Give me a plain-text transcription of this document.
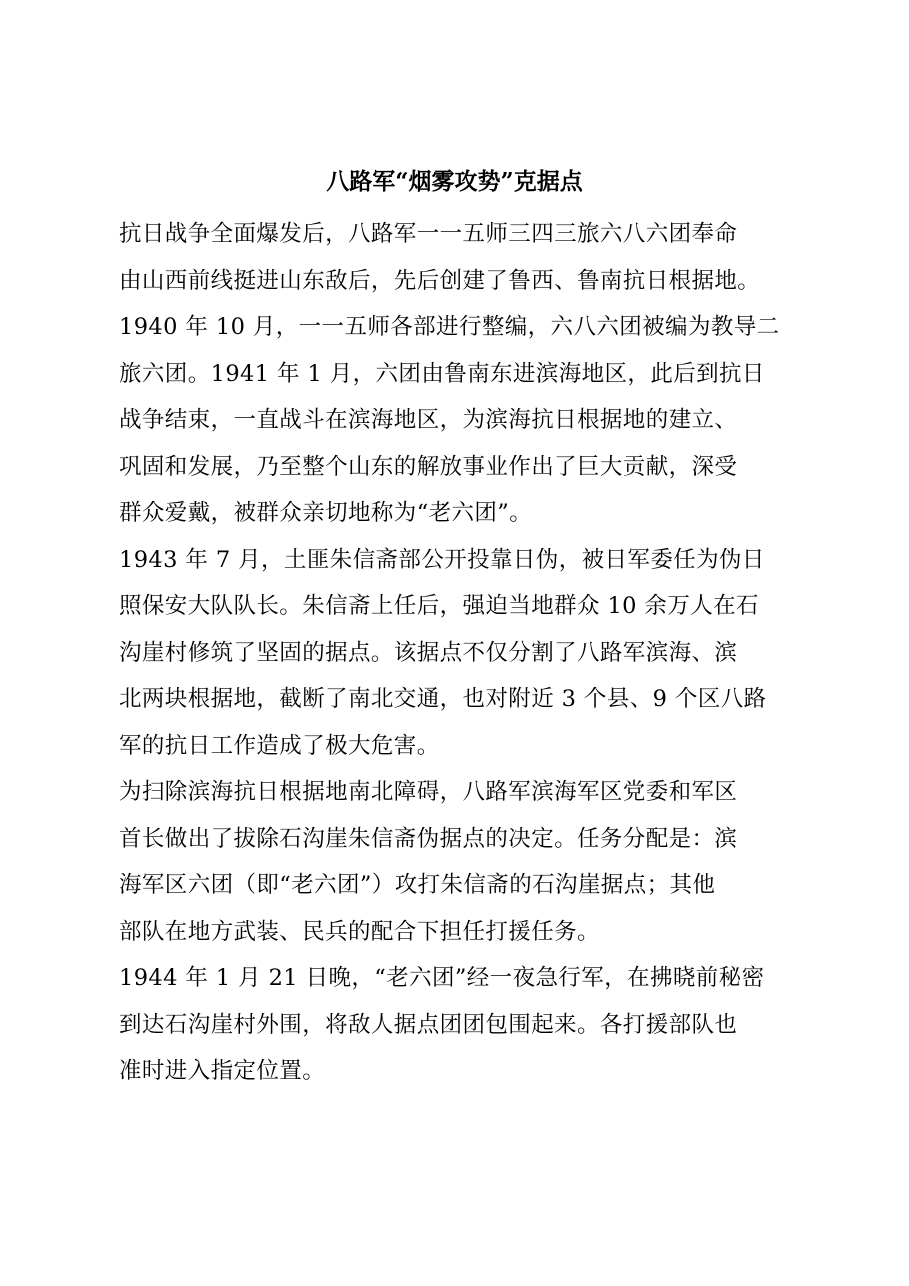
八路军“烟雾攻势”克据点
抗日战争全面爆发后，八路军一一五师三四三旅六八六团奉命
由山西前线挺进山东敌后，先后创建了鲁西、鲁南抗日根据地。
1940 年 10 月，一一五师各部进行整编，六八六团被编为教导二
旅六团。1941 年 1 月，六团由鲁南东进滨海地区，此后到抗日
战争结束，一直战斗在滨海地区，为滨海抗日根据地的建立、
巩固和发展，乃至整个山东的解放事业作出了巨大贡献，深受
群众爱戴，被群众亲切地称为“老六团”。
1943 年 7 月，土匪朱信斋部公开投靠日伪，被日军委任为伪日
照保安大队队长。朱信斋上任后，强迫当地群众 10 余万人在石
沟崖村修筑了坚固的据点。该据点不仅分割了八路军滨海、滨
北两块根据地，截断了南北交通，也对附近 3 个县、9 个区八路
军的抗日工作造成了极大危害。
为扫除滨海抗日根据地南北障碍，八路军滨海军区党委和军区
首长做出了拔除石沟崖朱信斋伪据点的决定。任务分配是：滨
海军区六团（即“老六团”）攻打朱信斋的石沟崖据点；其他
部队在地方武装、民兵的配合下担任打援任务。
1944 年 1 月 21 日晚，“老六团”经一夜急行军，在拂晓前秘密
到达石沟崖村外围，将敌人据点团团包围起来。各打援部队也
准时进入指定位置。
